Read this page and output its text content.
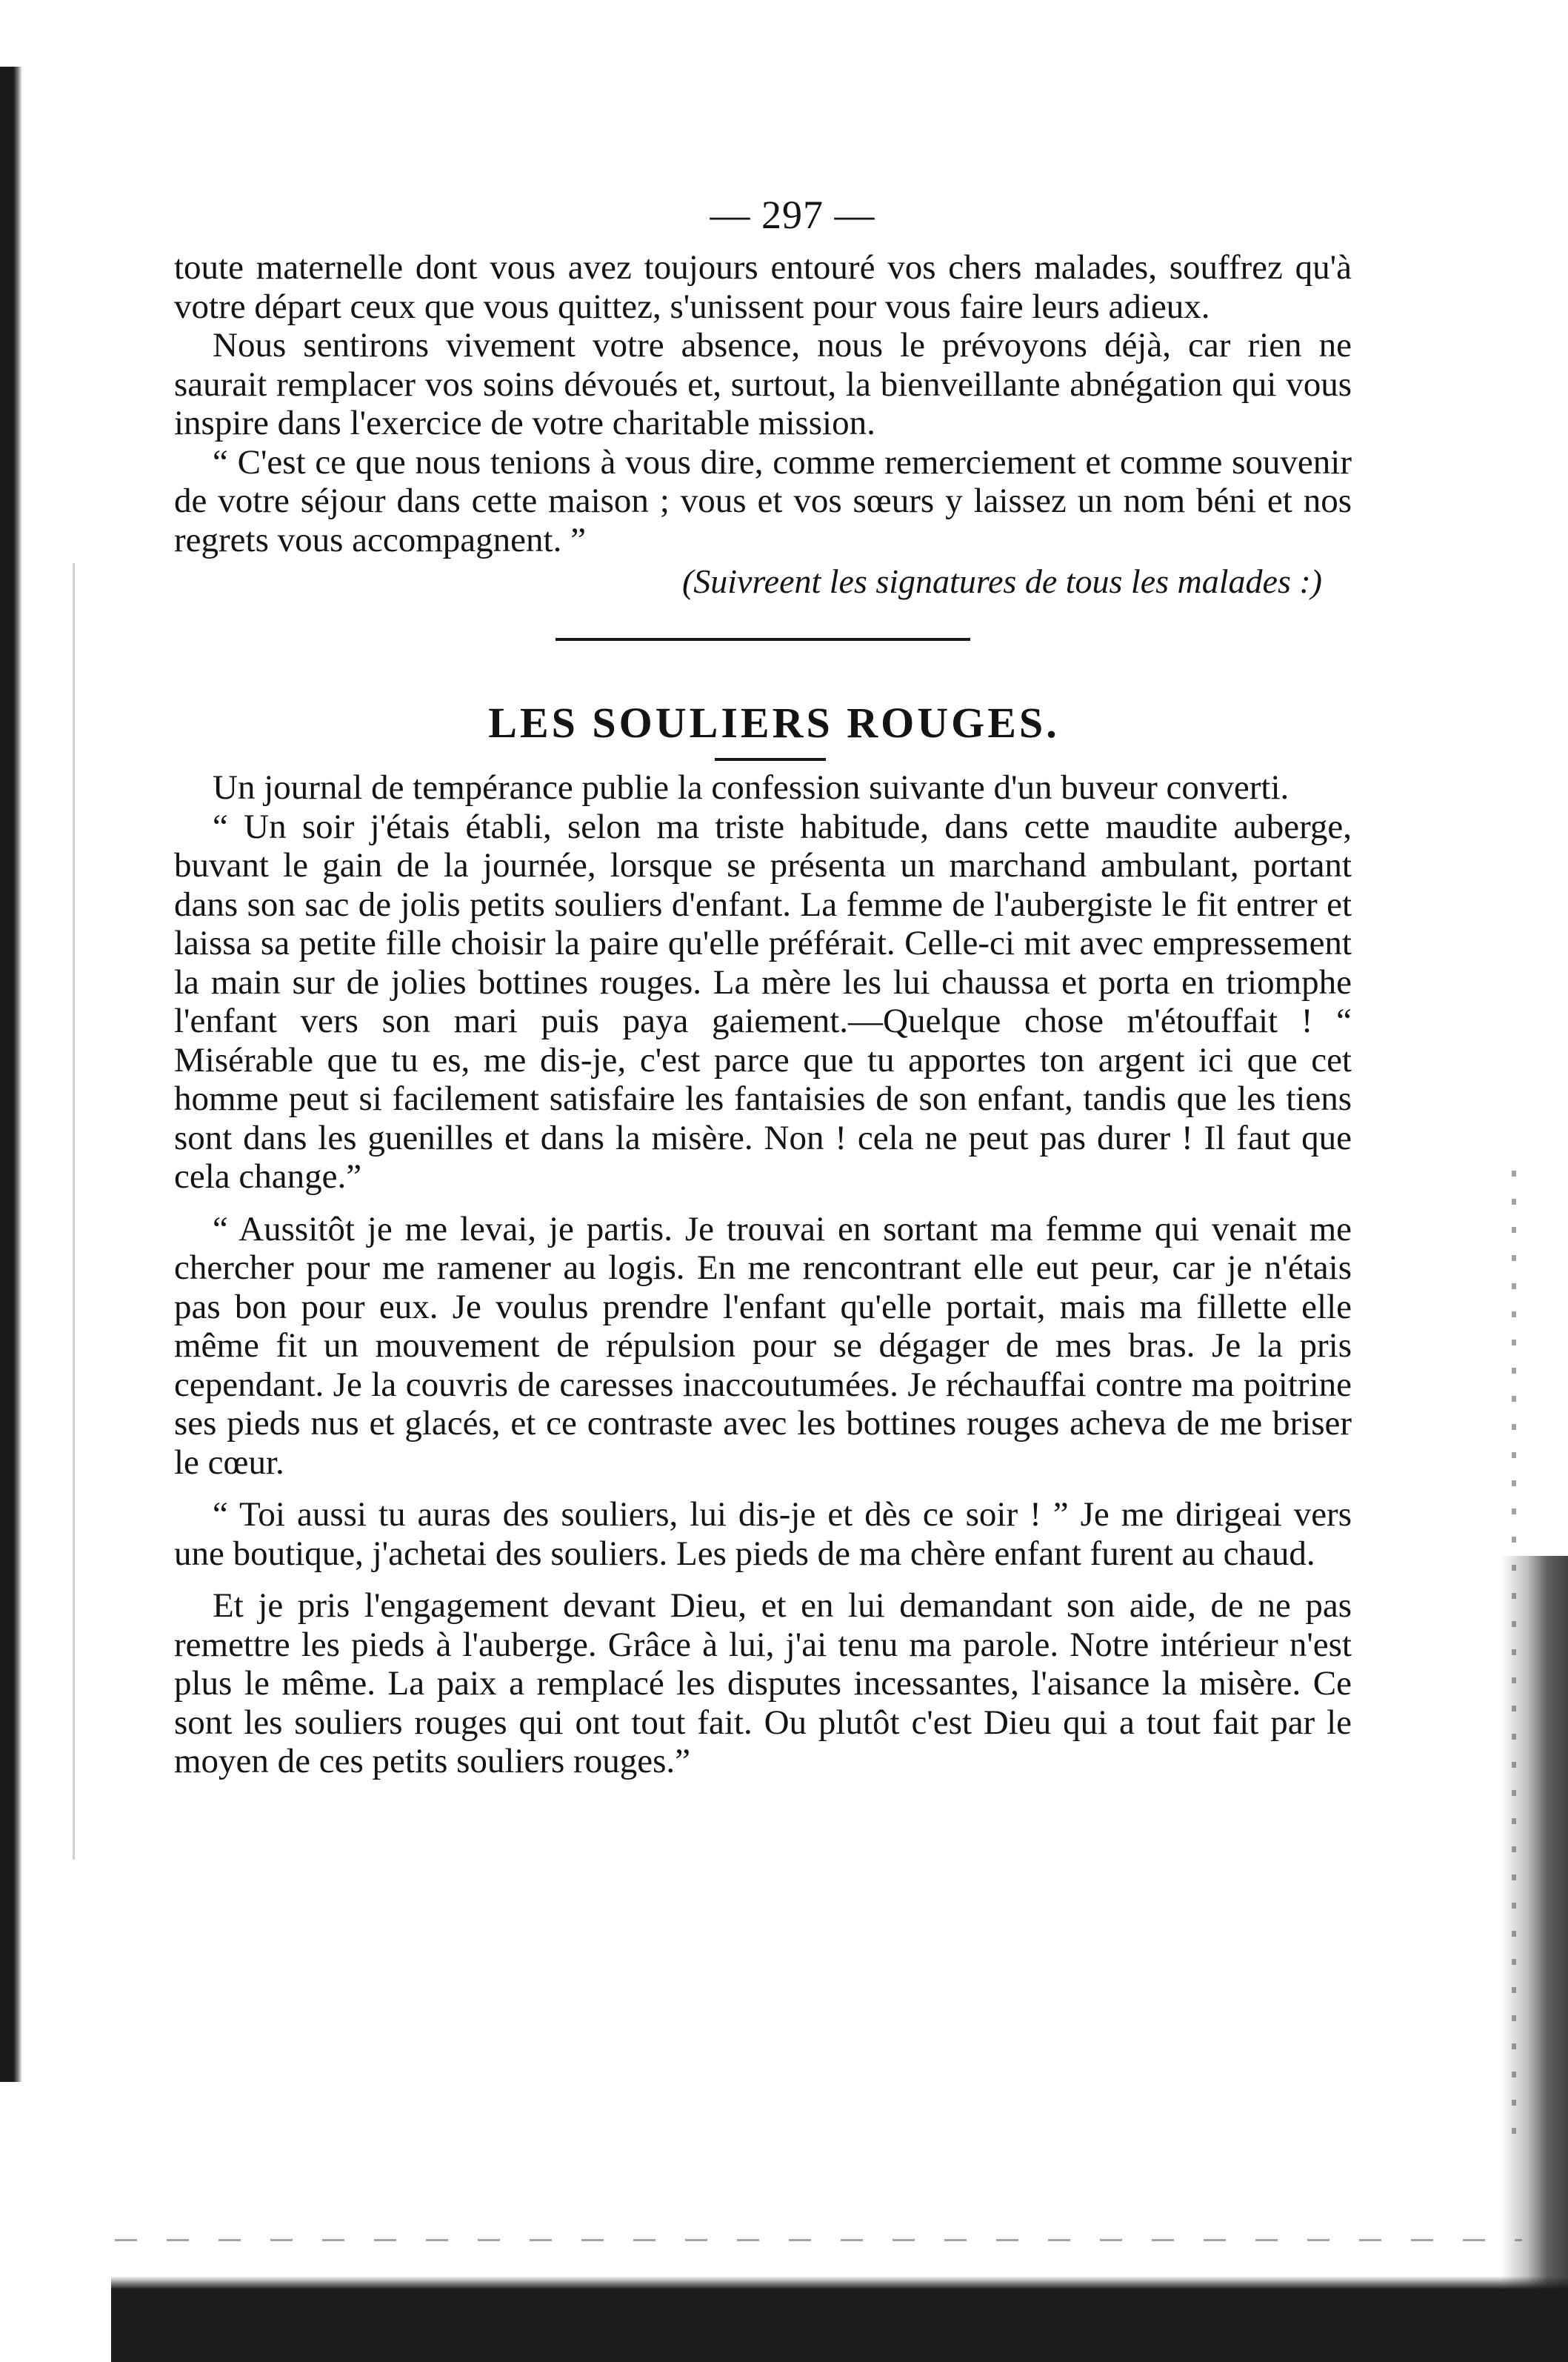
— 297 —

toute maternelle dont vous avez toujours entouré vos chers malades, souffrez qu'à votre départ ceux que vous quittez, s'unissent pour vous faire leurs adieux.

Nous sentirons vivement votre absence, nous le prévoyons déjà, car rien ne saurait remplacer vos soins dévoués et, surtout, la bienveillante abnégation qui vous inspire dans l'exercice de votre charitable mission.

“ C'est ce que nous tenions à vous dire, comme remerciement et comme souvenir de votre séjour dans cette maison ; vous et vos sœurs y laissez un nom béni et nos regrets vous accompagnent. ”

(Suivreent les signatures de tous les malades :)
LES SOULIERS ROUGES.

Un journal de tempérance publie la confession suivante d'un buveur converti.

“ Un soir j'étais établi, selon ma triste habitude, dans cette maudite auberge, buvant le gain de la journée, lorsque se présenta un marchand ambulant, portant dans son sac de jolis petits souliers d'enfant. La femme de l'aubergiste le fit entrer et laissa sa petite fille choisir la paire qu'elle préférait. Celle-ci mit avec empressement la main sur de jolies bottines rouges. La mère les lui chaussa et porta en triomphe l'enfant vers son mari puis paya gaiement.—Quelque chose m'étouffait ! “ Misérable que tu es, me dis-je, c'est parce que tu apportes ton argent ici que cet homme peut si facilement satisfaire les fantaisies de son enfant, tandis que les tiens sont dans les guenilles et dans la misère. Non ! cela ne peut pas durer ! Il faut que cela change.”

“ Aussitôt je me levai, je partis. Je trouvai en sortant ma femme qui venait me chercher pour me ramener au logis. En me rencontrant elle eut peur, car je n'étais pas bon pour eux. Je voulus prendre l'enfant qu'elle portait, mais ma fillette elle même fit un mouvement de répulsion pour se dégager de mes bras. Je la pris cependant. Je la couvris de caresses inaccoutumées. Je réchauffai contre ma poitrine ses pieds nus et glacés, et ce contraste avec les bottines rouges acheva de me briser le cœur.

“ Toi aussi tu auras des souliers, lui dis-je et dès ce soir ! ” Je me dirigeai vers une boutique, j'achetai des souliers. Les pieds de ma chère enfant furent au chaud.

Et je pris l'engagement devant Dieu, et en lui demandant son aide, de ne pas remettre les pieds à l'auberge. Grâce à lui, j'ai tenu ma parole. Notre intérieur n'est plus le même. La paix a remplacé les disputes incessantes, l'aisance la misère. Ce sont les souliers rouges qui ont tout fait. Ou plutôt c'est Dieu qui a tout fait par le moyen de ces petits souliers rouges.”
